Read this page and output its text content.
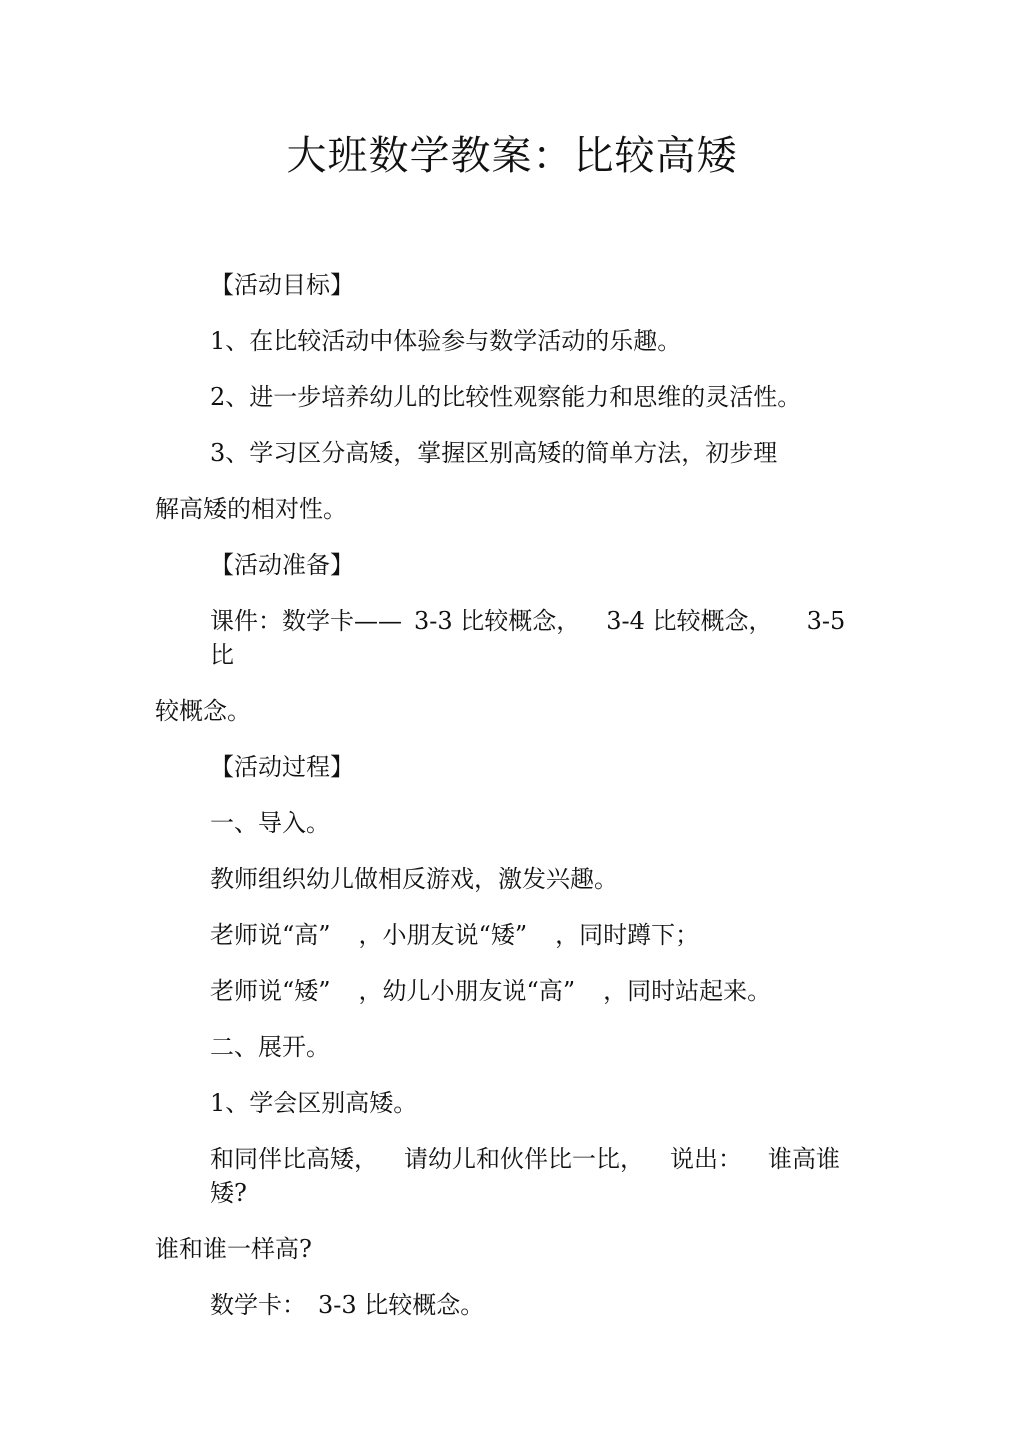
大班数学教案：比较高矮
【活动目标】
1、在比较活动中体验参与数学活动的乐趣。
2、进一步培养幼儿的比较性观察能力和思维的灵活性。
3、学习区分高矮，掌握区别高矮的简单方法，初步理
解高矮的相对性。
【活动准备】
课件：数学卡—— 3-3 比较概念， 3-4 比较概念， 3-5
比
较概念。
【活动过程】
一、导入。
教师组织幼儿做相反游戏，激发兴趣。
老师说“高” ，小朋友说“矮” ，同时蹲下；
老师说“矮” ，幼儿小朋友说“高” ，同时站起来。
二、展开。
1、学会区别高矮。
和同伴比高矮， 请幼儿和伙伴比一比， 说出： 谁高谁
矮?
谁和谁一样高?
数学卡： 3-3 比较概念。
